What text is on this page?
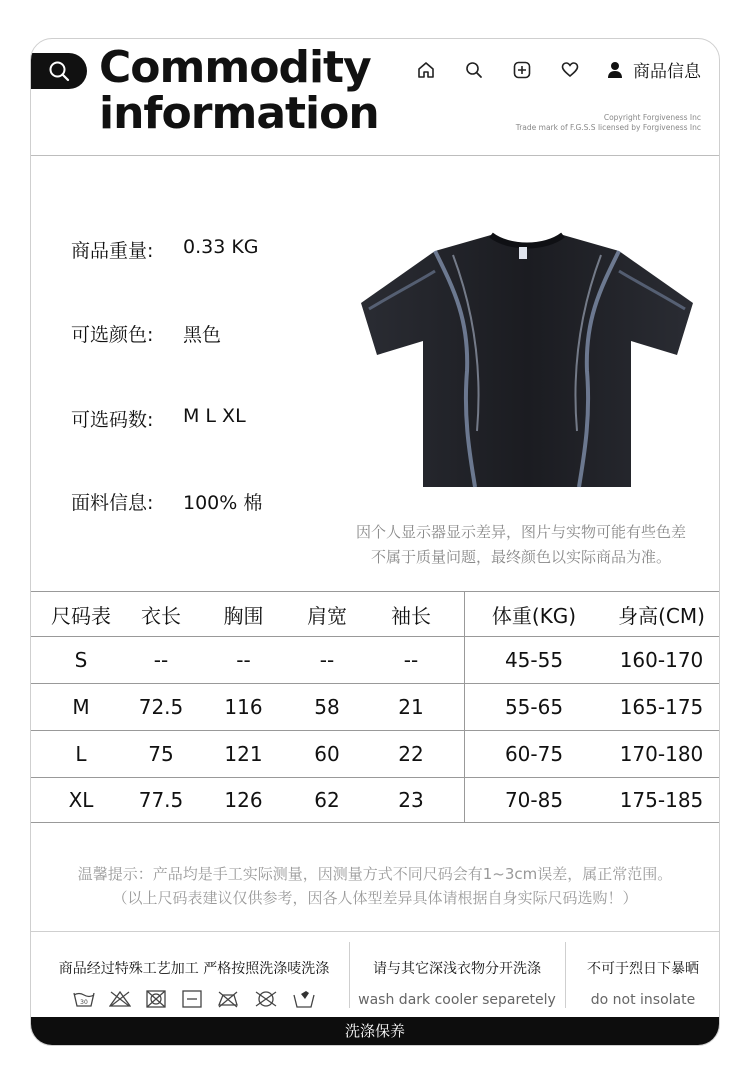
Commodity
information
商品信息
Copyright Forgiveness Inc
Trade mark of F.G.S.S licensed by Forgiveness Inc
商品重量:	0.33 KG
可选颜色:	黑色
可选码数:	M L XL
面料信息:	100% 棉
因个人显示器显示差异，图片与实物可能有些色差
不属于质量问题，最终颜色以实际商品为准。
尺码表	衣长	胸围	肩宽	袖长	体重(KG)	身高(CM)
S	--	--	--	--	45-55	160-170
M	72.5	116	58	21	55-65	165-175
L	75	121	60	22	60-75	170-180
XL	77.5	126	62	23	70-85	175-185
温馨提示：产品均是手工实际测量，因测量方式不同尺码会有1~3cm误差，属正常范围。
（以上尺码表建议仅供参考，因各人体型差异具体请根据自身实际尺码选购！）
商品经过特殊工艺加工 严格按照洗涤唛洗涤
30
请与其它深浅衣物分开洗涤
wash dark cooler separetely
不可于烈日下暴晒
do not insolate
洗涤保养
